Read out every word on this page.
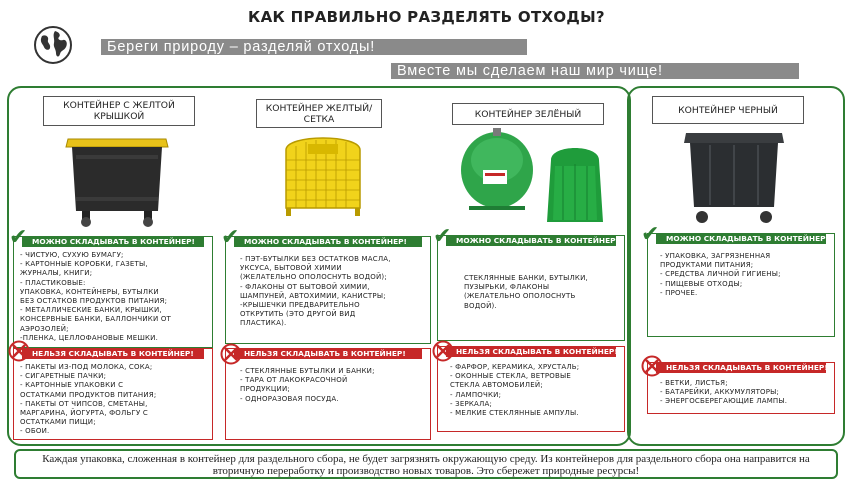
КАК ПРАВИЛЬНО РАЗДЕЛЯТЬ ОТХОДЫ?
Береги природу – разделяй отходы!
Вместе мы сделаем наш мир чище!
КОНТЕЙНЕР С ЖЕЛТОЙ КРЫШКОЙ
КОНТЕЙНЕР ЖЕЛТЫЙ/СЕТКА	КОНТЕЙНЕР ЗЕЛЁНЫЙ	КОНТЕЙНЕР ЧЕРНЫЙ
МОЖНО СКЛАДЫВАТЬ В КОНТЕЙНЕР!
- ЧИСТУЮ, СУХУЮ БУМАГУ;
- КАРТОННЫЕ КОРОБКИ, ГАЗЕТЫ,
ЖУРНАЛЫ, КНИГИ;
- ПЛАСТИКОВЫЕ:
УПАКОВКА, КОНТЕЙНЕРЫ, БУТЫЛКИ
БЕЗ ОСТАТКОВ ПРОДУКТОВ ПИТАНИЯ;
- МЕТАЛЛИЧЕСКИЕ БАНКИ, КРЫШКИ,
КОНСЕРВНЫЕ БАНКИ, БАЛЛОНЧИКИ ОТ
АЭРОЗОЛЕЙ;
-ПЛЕНКА, ЦЕЛЛОФАНОВЫЕ МЕШКИ.
✔
НЕЛЬЗЯ СКЛАДЫВАТЬ В КОНТЕЙНЕР!
- ПАКЕТЫ ИЗ-ПОД МОЛОКА, СОКА;
- СИГАРЕТНЫЕ ПАЧКИ;
- КАРТОННЫЕ УПАКОВКИ С
ОСТАТКАМИ ПРОДУКТОВ ПИТАНИЯ;
- ПАКЕТЫ ОТ ЧИПСОВ, СМЕТАНЫ,
МАРГАРИНА, ЙОГУРТА, ФОЛЬГУ С
ОСТАТКАМИ ПИЩИ;
- ОБОИ.
МОЖНО СКЛАДЫВАТЬ В КОНТЕЙНЕР!
- ПЭТ-БУТЫЛКИ БЕЗ ОСТАТКОВ МАСЛА,
УКСУСА, БЫТОВОЙ ХИМИИ
(ЖЕЛАТЕЛЬНО ОПОЛОСНУТЬ ВОДОЙ);
- ФЛАКОНЫ ОТ БЫТОВОЙ ХИМИИ,
ШАМПУНЕЙ, АВТОХИМИИ, КАНИСТРЫ;
-КРЫШЕЧКИ ПРЕДВАРИТЕЛЬНО
ОТКРУТИТЬ (ЭТО ДРУГОЙ ВИД
ПЛАСТИКА).
✔
НЕЛЬЗЯ СКЛАДЫВАТЬ В КОНТЕЙНЕР!
- СТЕКЛЯННЫЕ БУТЫЛКИ И БАНКИ;
- ТАРА ОТ ЛАКОКРАСОЧНОЙ
ПРОДУКЦИИ;
- ОДНОРАЗОВАЯ ПОСУДА.
МОЖНО СКЛАДЫВАТЬ В КОНТЕЙНЕР!
СТЕКЛЯННЫЕ БАНКИ, БУТЫЛКИ,
ПУЗЫРЬКИ, ФЛАКОНЫ
(ЖЕЛАТЕЛЬНО ОПОЛОСНУТЬ
ВОДОЙ).
✔
НЕЛЬЗЯ СКЛАДЫВАТЬ В КОНТЕЙНЕР!
- ФАРФОР, КЕРАМИКА, ХРУСТАЛЬ;
- ОКОННЫЕ СТЕКЛА, ВЕТРОВЫЕ
СТЕКЛА АВТОМОБИЛЕЙ;
- ЛАМПОЧКИ;
- ЗЕРКАЛА;
- МЕЛКИЕ СТЕКЛЯННЫЕ АМПУЛЫ.
МОЖНО СКЛАДЫВАТЬ В КОНТЕЙНЕР!
- УПАКОВКА, ЗАГРЯЗНЕННАЯ
ПРОДУКТАМИ ПИТАНИЯ;
- СРЕДСТВА ЛИЧНОЙ ГИГИЕНЫ;
- ПИЩЕВЫЕ ОТХОДЫ;
- ПРОЧЕЕ.
✔
НЕЛЬЗЯ СКЛАДЫВАТЬ В КОНТЕЙНЕР!
- ВЕТКИ, ЛИСТЬЯ;
- БАТАРЕЙКИ, АККУМУЛЯТОРЫ;
- ЭНЕРГОСБЕРЕГАЮЩИЕ ЛАМПЫ.
Каждая упаковка, сложенная в контейнер для раздельного сбора, не будет загрязнять окружающую среду. Из контейнеров для раздельного сбора она направится на вторичную переработку и производство новых товаров. Это сбережет природные ресурсы!
